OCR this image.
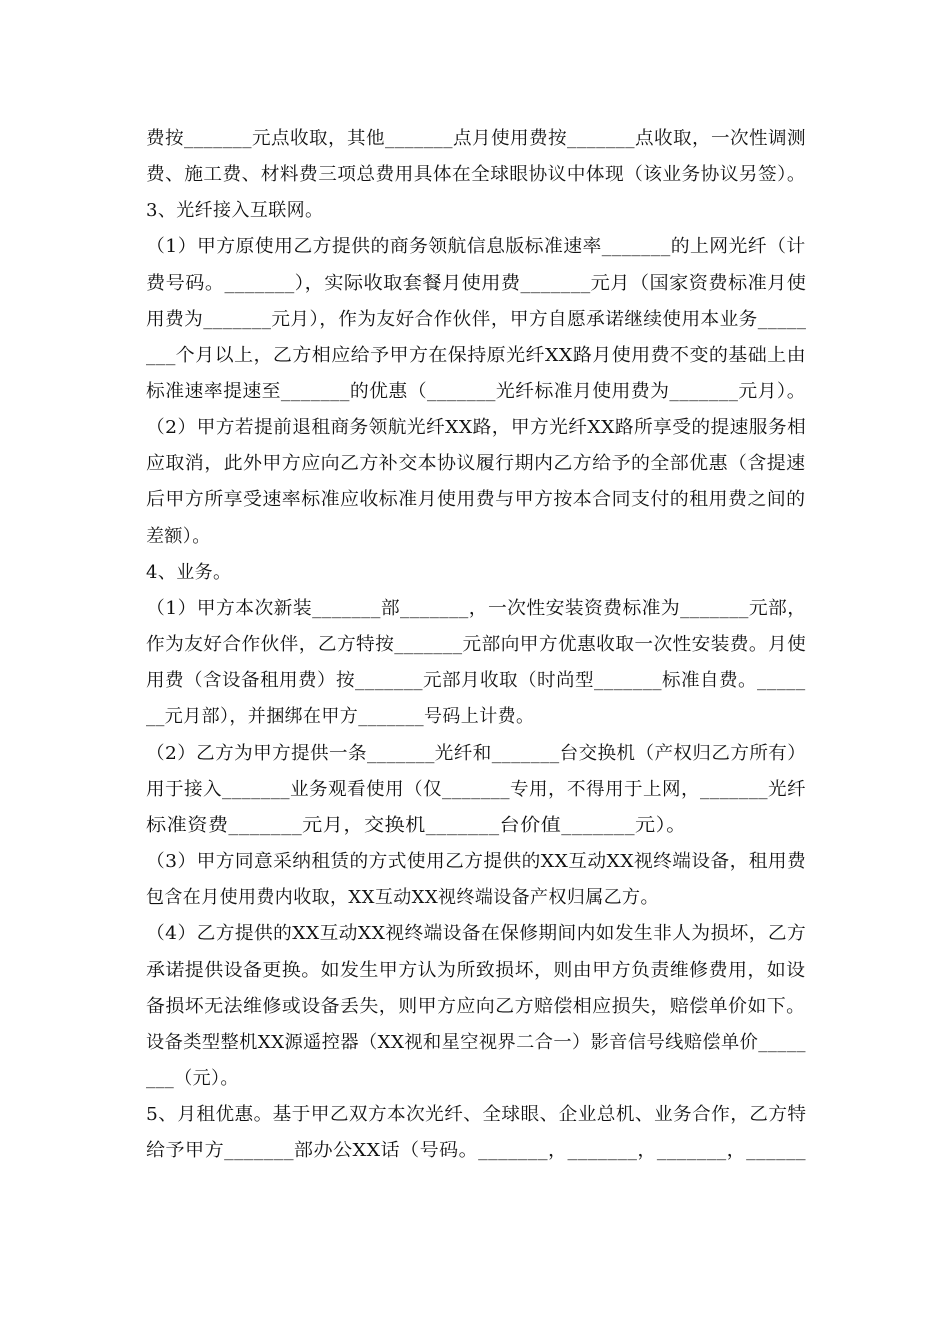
费按_______元点收取，其他_______点月使用费按_______点收取，一次性调测
费、施工费、材料费三项总费用具体在全球眼协议中体现（该业务协议另签）。
3、光纤接入互联网。
（1）甲方原使用乙方提供的商务领航信息版标准速率_______的上网光纤（计
费号码。_______），实际收取套餐月使用费_______元月（国家资费标准月使
用费为_______元月），作为友好合作伙伴，甲方自愿承诺继续使用本业务_____
___个月以上，乙方相应给予甲方在保持原光纤XX路月使用费不变的基础上由
标准速率提速至_______的优惠（_______光纤标准月使用费为_______元月）。
（2）甲方若提前退租商务领航光纤XX路，甲方光纤XX路所享受的提速服务相
应取消，此外甲方应向乙方补交本协议履行期内乙方给予的全部优惠（含提速
后甲方所享受速率标准应收标准月使用费与甲方按本合同支付的租用费之间的
差额）。
4、业务。
（1）甲方本次新装_______部_______，一次性安装资费标准为_______元部，
作为友好合作伙伴，乙方特按_______元部向甲方优惠收取一次性安装费。月使
用费（含设备租用费）按_______元部月收取（时尚型_______标准自费。_____
__元月部），并捆绑在甲方_______号码上计费。
（2）乙方为甲方提供一条_______光纤和_______台交换机（产权归乙方所有）
用于接入_______业务观看使用（仅_______专用，不得用于上网，_______光纤
标准资费_______元月，交换机_______台价值_______元）。
（3）甲方同意采纳租赁的方式使用乙方提供的XX互动XX视终端设备，租用费
包含在月使用费内收取，XX互动XX视终端设备产权归属乙方。
（4）乙方提供的XX互动XX视终端设备在保修期间内如发生非人为损坏，乙方
承诺提供设备更换。如发生甲方认为所致损坏，则由甲方负责维修费用，如设
备损坏无法维修或设备丢失，则甲方应向乙方赔偿相应损失，赔偿单价如下。
设备类型整机XX源遥控器（XX视和星空视界二合一）影音信号线赔偿单价_____
___（元）。
5、月租优惠。基于甲乙双方本次光纤、全球眼、企业总机、业务合作，乙方特
给予甲方_______部办公XX话（号码。_______，_______，_______，______
